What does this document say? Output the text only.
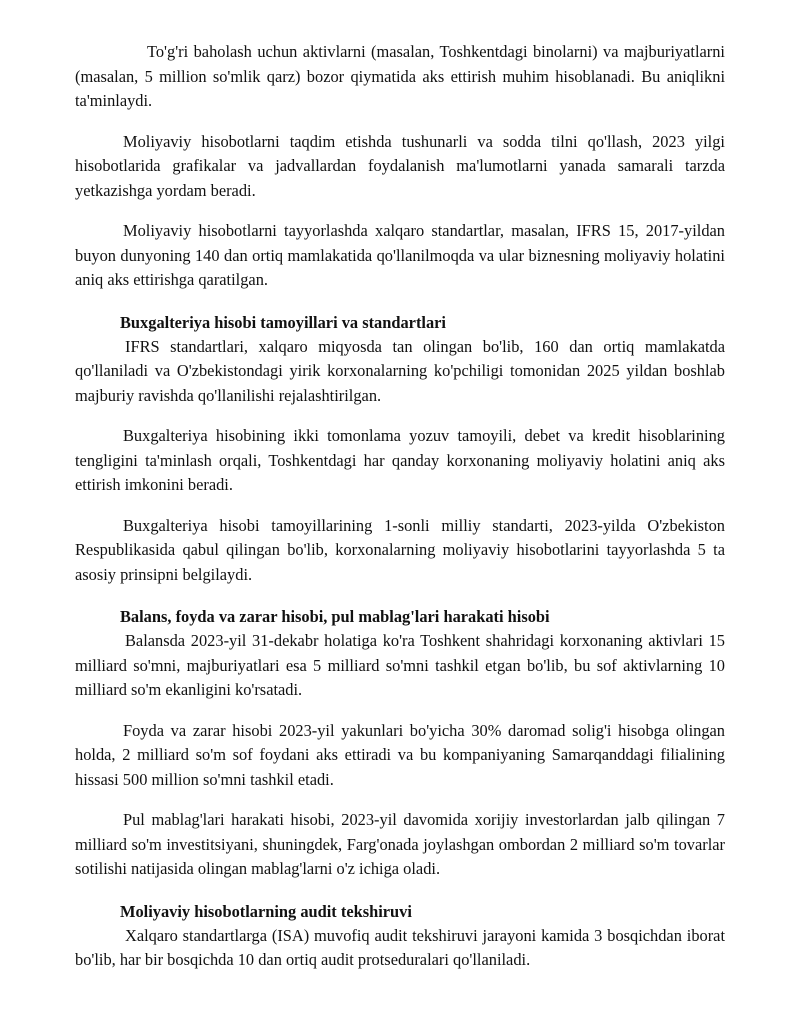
To'g'ri baholash uchun aktivlarni (masalan, Toshkentdagi binolarni) va majburiyatlarni (masalan, 5 million so'mlik qarz) bozor qiymatida aks ettirish muhim hisoblanadi. Bu aniqlikni ta'minlaydi.

Moliyaviy hisobotlarni taqdim etishda tushunarli va sodda tilni qo'llash, 2023 yilgi hisobotlarida grafikalar va jadvallardan foydalanish ma'lumotlarni yanada samarali tarzda yetkazishga yordam beradi.

Moliyaviy hisobotlarni tayyorlashda xalqaro standartlar, masalan, IFRS 15, 2017-yildan buyon dunyoning 140 dan ortiq mamlakatida qo'llanilmoqda va ular biznesning moliyaviy holatini aniq aks ettirishga qaratilgan.

Buxgalteriya hisobi tamoyillari va standartlari

IFRS standartlari, xalqaro miqyosda tan olingan bo'lib, 160 dan ortiq mamlakatda qo'llaniladi va O'zbekistondagi yirik korxonalarning ko'pchiligi tomonidan 2025 yildan boshlab majburiy ravishda qo'llanilishi rejalashtirilgan.

Buxgalteriya hisobining ikki tomonlama yozuv tamoyili, debet va kredit hisoblarining tengligini ta'minlash orqali, Toshkentdagi har qanday korxonaning moliyaviy holatini aniq aks ettirish imkonini beradi.

Buxgalteriya hisobi tamoyillarining 1-sonli milliy standarti, 2023-yilda O'zbekiston Respublikasida qabul qilingan bo'lib, korxonalarning moliyaviy hisobotlarini tayyorlashda 5 ta asosiy prinsipni belgilaydi.

Balans, foyda va zarar hisobi, pul mablag'lari harakati hisobi

Balansda 2023-yil 31-dekabr holatiga ko'ra Toshkent shahridagi korxonaning aktivlari 15 milliard so'mni, majburiyatlari esa 5 milliard so'mni tashkil etgan bo'lib, bu sof aktivlarning 10 milliard so'm ekanligini ko'rsatadi.

Foyda va zarar hisobi 2023-yil yakunlari bo'yicha 30% daromad solig'i hisobga olingan holda, 2 milliard so'm sof foydani aks ettiradi va bu kompaniyaning Samarqanddagi filialining hissasi 500 million so'mni tashkil etadi.

Pul mablag'lari harakati hisobi, 2023-yil davomida xorijiy investorlardan jalb qilingan 7 milliard so'm investitsiyani, shuningdek, Farg'onada joylashgan ombordan 2 milliard so'm tovarlar sotilishi natijasida olingan mablag'larni o'z ichiga oladi.

Moliyaviy hisobotlarning audit tekshiruvi

Xalqaro standartlarga (ISA) muvofiq audit tekshiruvi jarayoni kamida 3 bosqichdan iborat bo'lib, har bir bosqichda 10 dan ortiq audit protseduralari qo'llaniladi.
